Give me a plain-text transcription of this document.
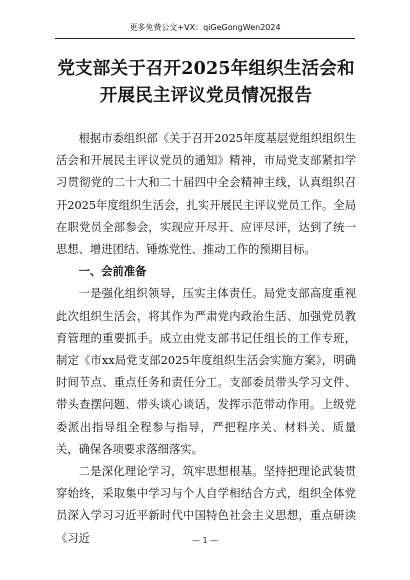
更多免费公文+VX：qiGeGongWen2024
党支部关于召开2025年组织生活会和开展民主评议党员情况报告

根据市委组织部《关于召开2025年度基层党组织组织生活会和开展民主评议党员的通知》精神，市局党支部紧扣学习贯彻党的二十大和二十届四中全会精神主线，认真组织召开2025年度组织生活会，扎实开展民主评议党员工作。全局在职党员全部参会，实现应开尽开、应评尽评，达到了统一思想、增进团结、锤炼党性、推动工作的预期目标。

一、会前准备

一是强化组织领导，压实主体责任。局党支部高度重视此次组织生活会，将其作为严肃党内政治生活、加强党员教育管理的重要抓手。成立由党支部书记任组长的工作专班，制定《市xx局党支部2025年度组织生活会实施方案》，明确时间节点、重点任务和责任分工。支部委员带头学习文件、带头查摆问题、带头谈心谈话，发挥示范带动作用。上级党委派出指导组全程参与指导，严把程序关、材料关、质量关，确保各项要求落细落实。

二是深化理论学习，筑牢思想根基。坚持把理论武装贯穿始终，采取集中学习与个人自学相结合方式，组织全体党员深入学习习近平新时代中国特色社会主义思想，重点研读《习近	— 1 —
